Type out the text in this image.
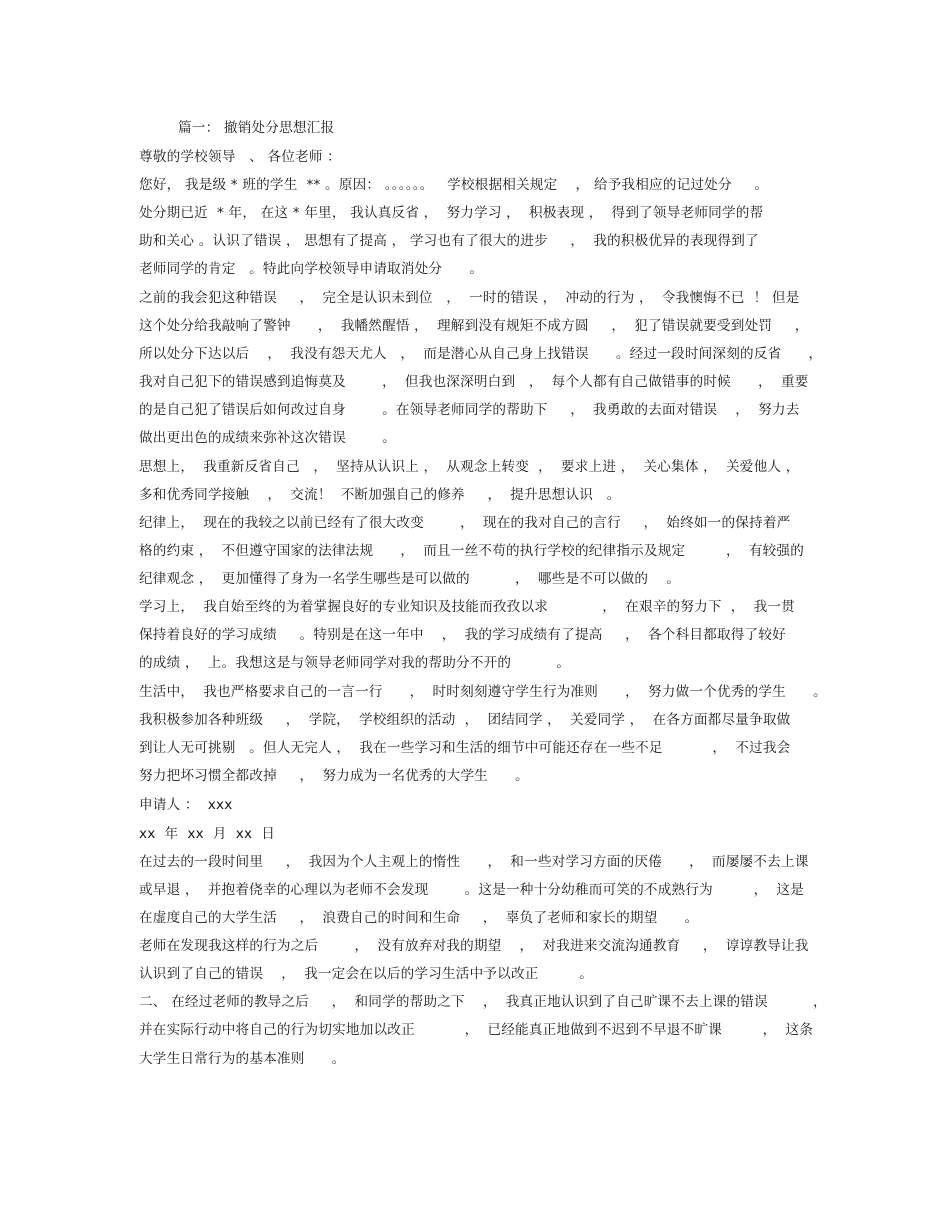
篇一： 撤销处分思想汇报
尊敬的学校领导   、 各位老师 ：
您好， 我是级 * 班的学生  ** 。原因： 。。。。。。   学校根据相关规定    ， 给予我相应的记过处分     。
处分期已近  * 年， 在这 * 年里， 我认真反省 ，  努力学习 ，  积极表现 ，  得到了领导老师同学的帮
助和关心 。认识了错误 ， 思想有了提高 ， 学习也有了很大的进步     ，  我的积极优异的表现得到了
老师同学的肯定   。特此向学校领导申请取消处分      。
之前的我会犯这种错误     ，  完全是认识未到位   ，  一时的错误 ，  冲动的行为 ，  令我懊悔不已  ！ 但是
这个处分给我敲响了警钟      ，  我幡然醒悟 ，  理解到没有规矩不成方圆     ，  犯了错误就要受到处罚     ，
所以处分下达以后    ，  我没有怨天尤人   ，  而是潜心从自己身上找错误      。经过一段时间深刻的反省      ，
我对自己犯下的错误感到追悔莫及        ，  但我也深深明白到   ，  每个人都有自己做错事的时候      ，  重要
的是自己犯了错误后如何改过自身        。在领导老师同学的帮助下     ，  我勇敢的去面对错误    ，  努力去
做出更出色的成绩来弥补这次错误        。
思想上，  我重新反省自己   ，  坚持从认识上 ，  从观念上转变  ，  要求上进 ，  关心集体 ，  关爱他人 ，
多和优秀同学接触    ，  交流！  不断加强自己的修养     ，  提升思想认识   。
纪律上，  现在的我较之以前已经有了很大改变        ，  现在的我对自己的言行     ，  始终如一的保持着严
格的约束 ，  不但遵守国家的法律法规      ，  而且一丝不苟的执行学校的纪律指示及规定         ，  有较强的
纪律观念 ，  更加懂得了身为一名学生哪些是可以做的          ，  哪些是不可以做的    。
学习上，  我自始至终的为着掌握良好的专业知识及技能而孜孜以求            ，  在艰辛的努力下  ，  我一贯
保持着良好的学习成绩     。特别是在这一年中    ，  我的学习成绩有了提高     ，  各个科目都取得了较好
的成绩 ，  上。我想这是与领导老师同学对我的帮助分不开的          。
生活中，  我也严格要求自己的一言一行      ，  时时刻刻遵守学生行为准则      ，  努力做一个优秀的学生      。
我积极参加各种班级     ，  学院，  学校组织的活动  ，  团结同学 ，  关爱同学 ，  在各方面都尽量争取做
到让人无可挑剔   。但人无完人 ，  我在一些学习和生活的细节中可能还存在一些不足           ，  不过我会
努力把坏习惯全都改掉     ，  努力成为一名优秀的大学生      。
申请人 ：  xxx
xx  年  xx  月  xx  日
在过去的一段时间里     ，  我因为个人主观上的惰性      ，  和一些对学习方面的厌倦      ，  而屡屡不去上课
或早退 ，  并抱着侥幸的心理以为老师不会发现        。这是一种十分幼稚而可笑的不成熟行为         ，  这是
在虚度自己的大学生活     ，  浪费自己的时间和生命     ，  辜负了老师和家长的期望      。
老师在发现我这样的行为之后        ，  没有放弃对我的期望    ，  对我进来交流沟通教育     ，  谆谆教导让我
认识到了自己的错误    ，  我一定会在以后的学习生活中予以改正         。
二、 在经过老师的教导之后     ，  和同学的帮助之下    ，  我真正地认识到了自己旷课不去上课的错误          ，
并在实际行动中将自己的行为切实地加以改正           ，  已经能真正地做到不迟到不早退不旷课         ，  这条
大学生日常行为的基本准则      。
